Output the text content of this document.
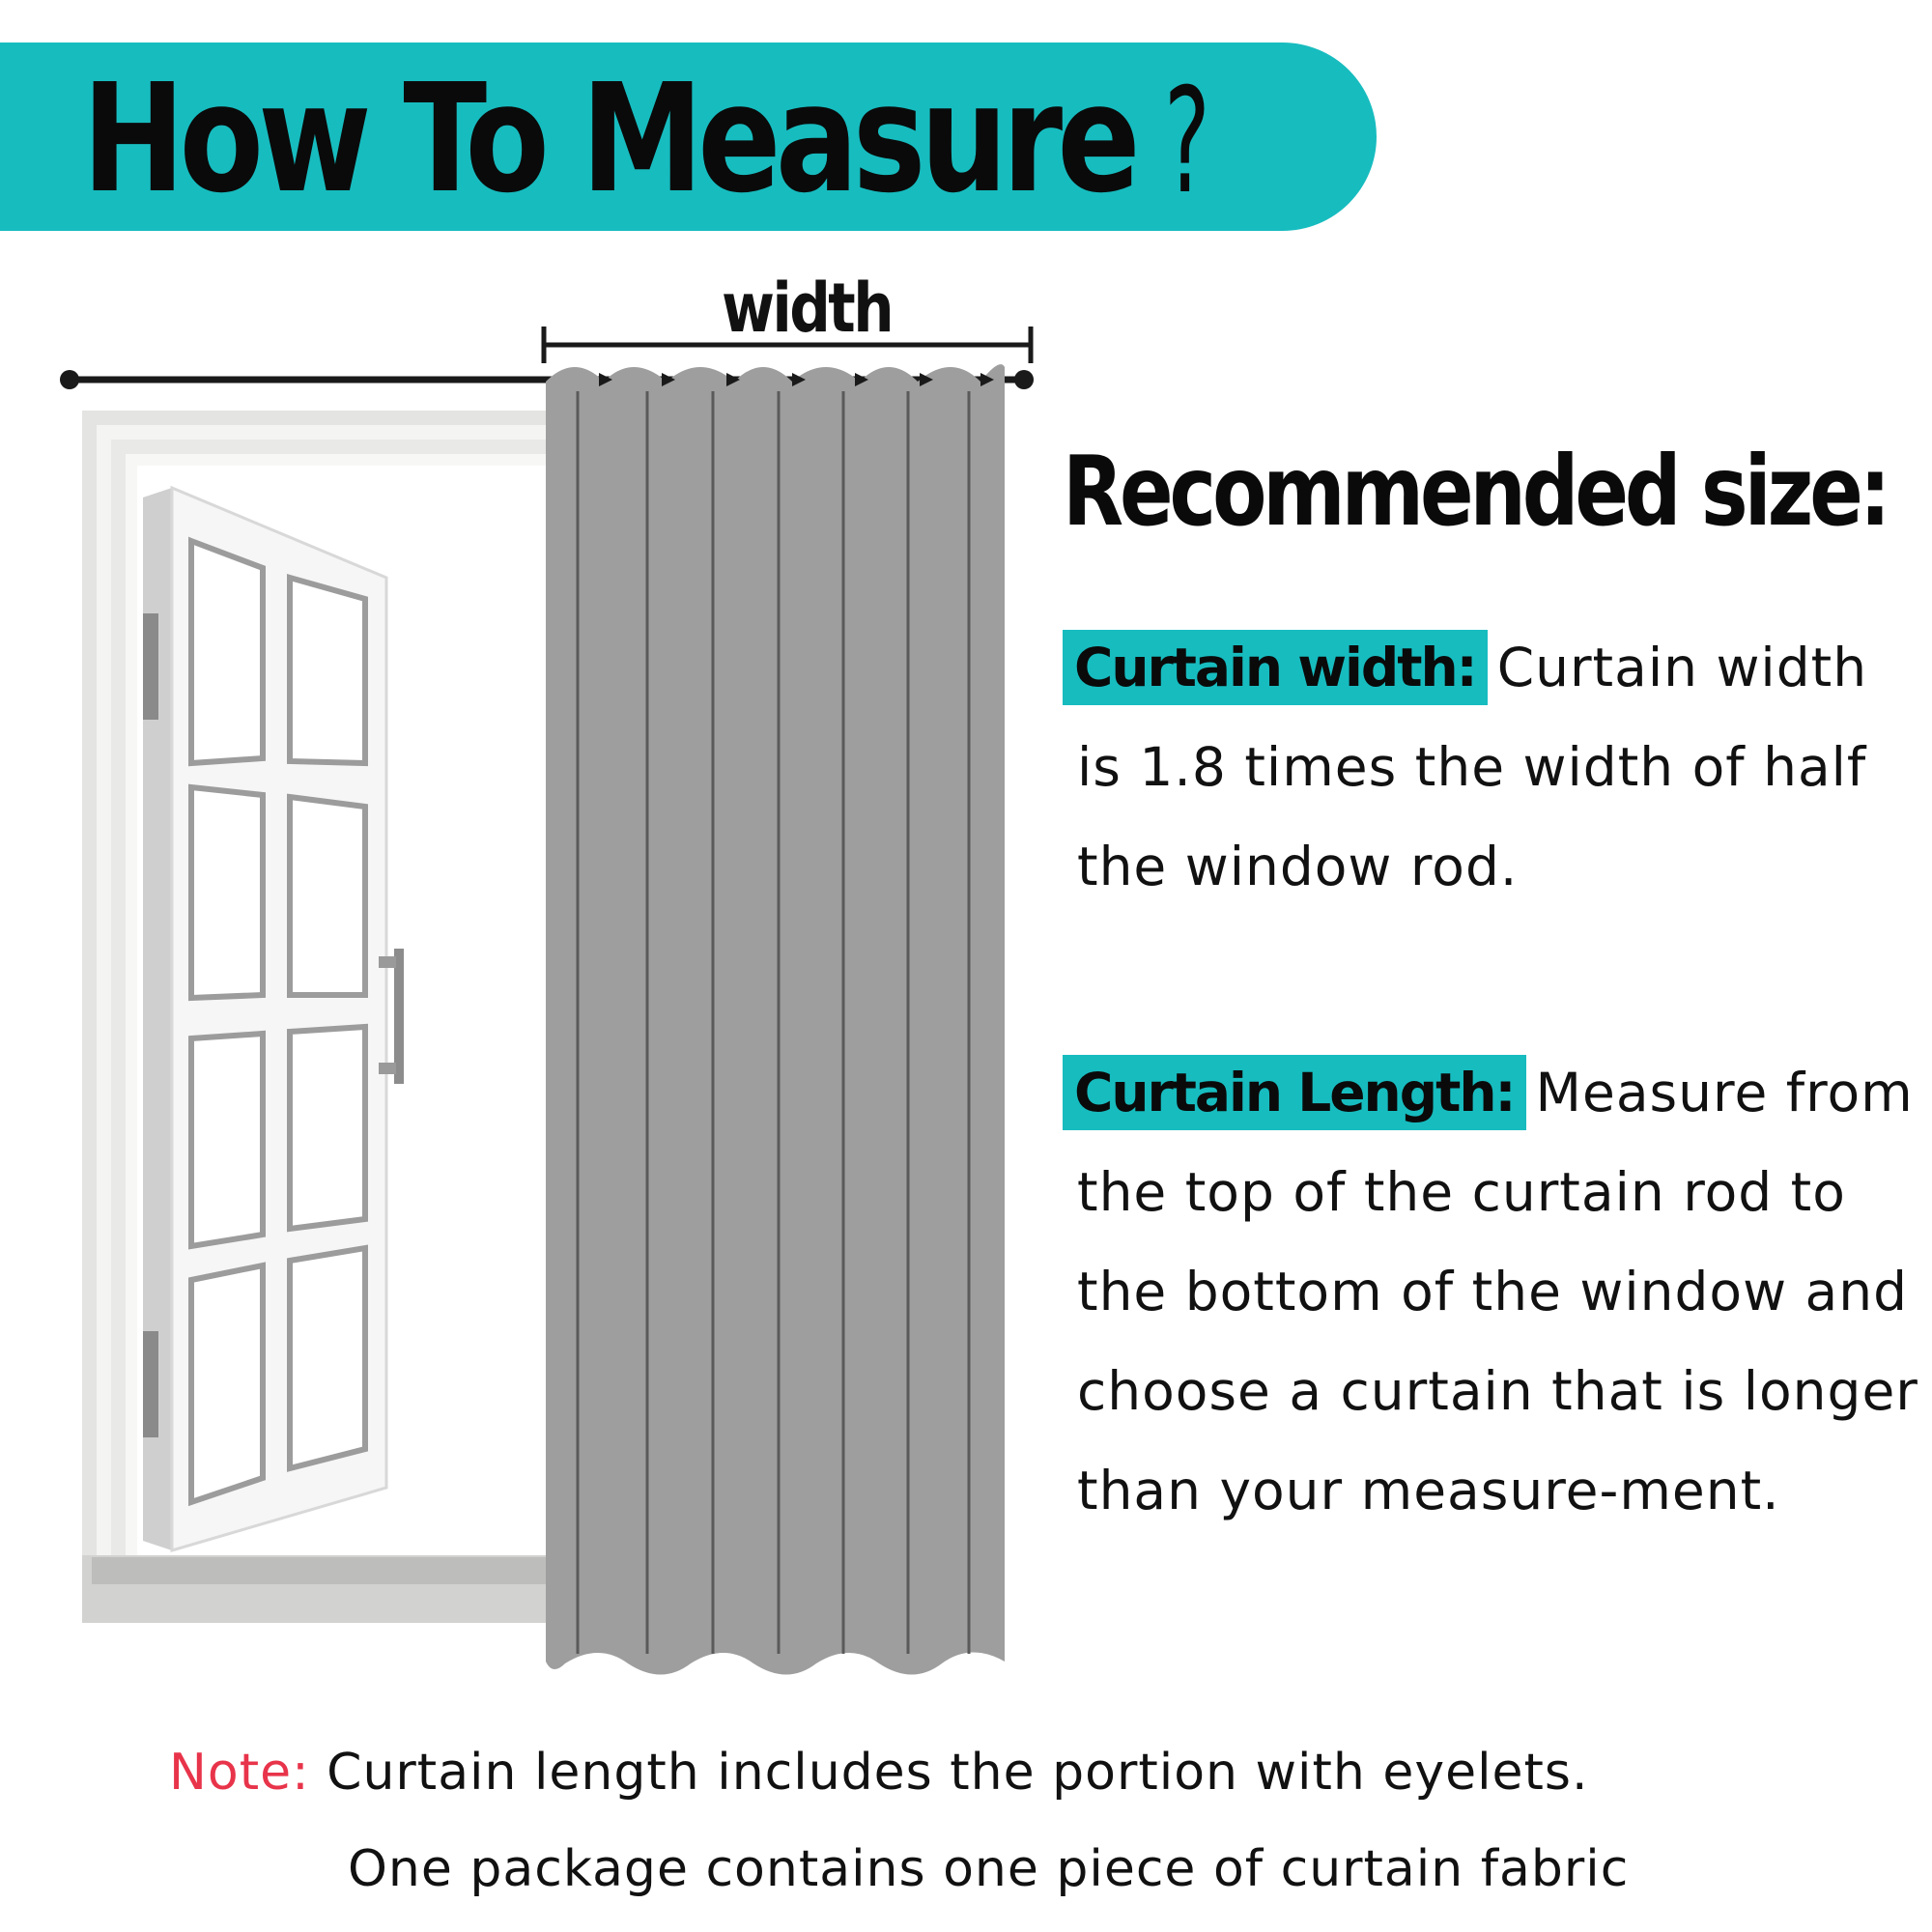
How To Measure ?
width
Recommended size:
Curtain width: Curtain width is 1.8 times the width of half the window rod.
Curtain Length: Measure from the top of the curtain rod to the bottom of the window and choose a curtain that is longer than your measure-ment.
Note: Curtain length includes the portion with eyelets.
One package contains one piece of curtain fabric
